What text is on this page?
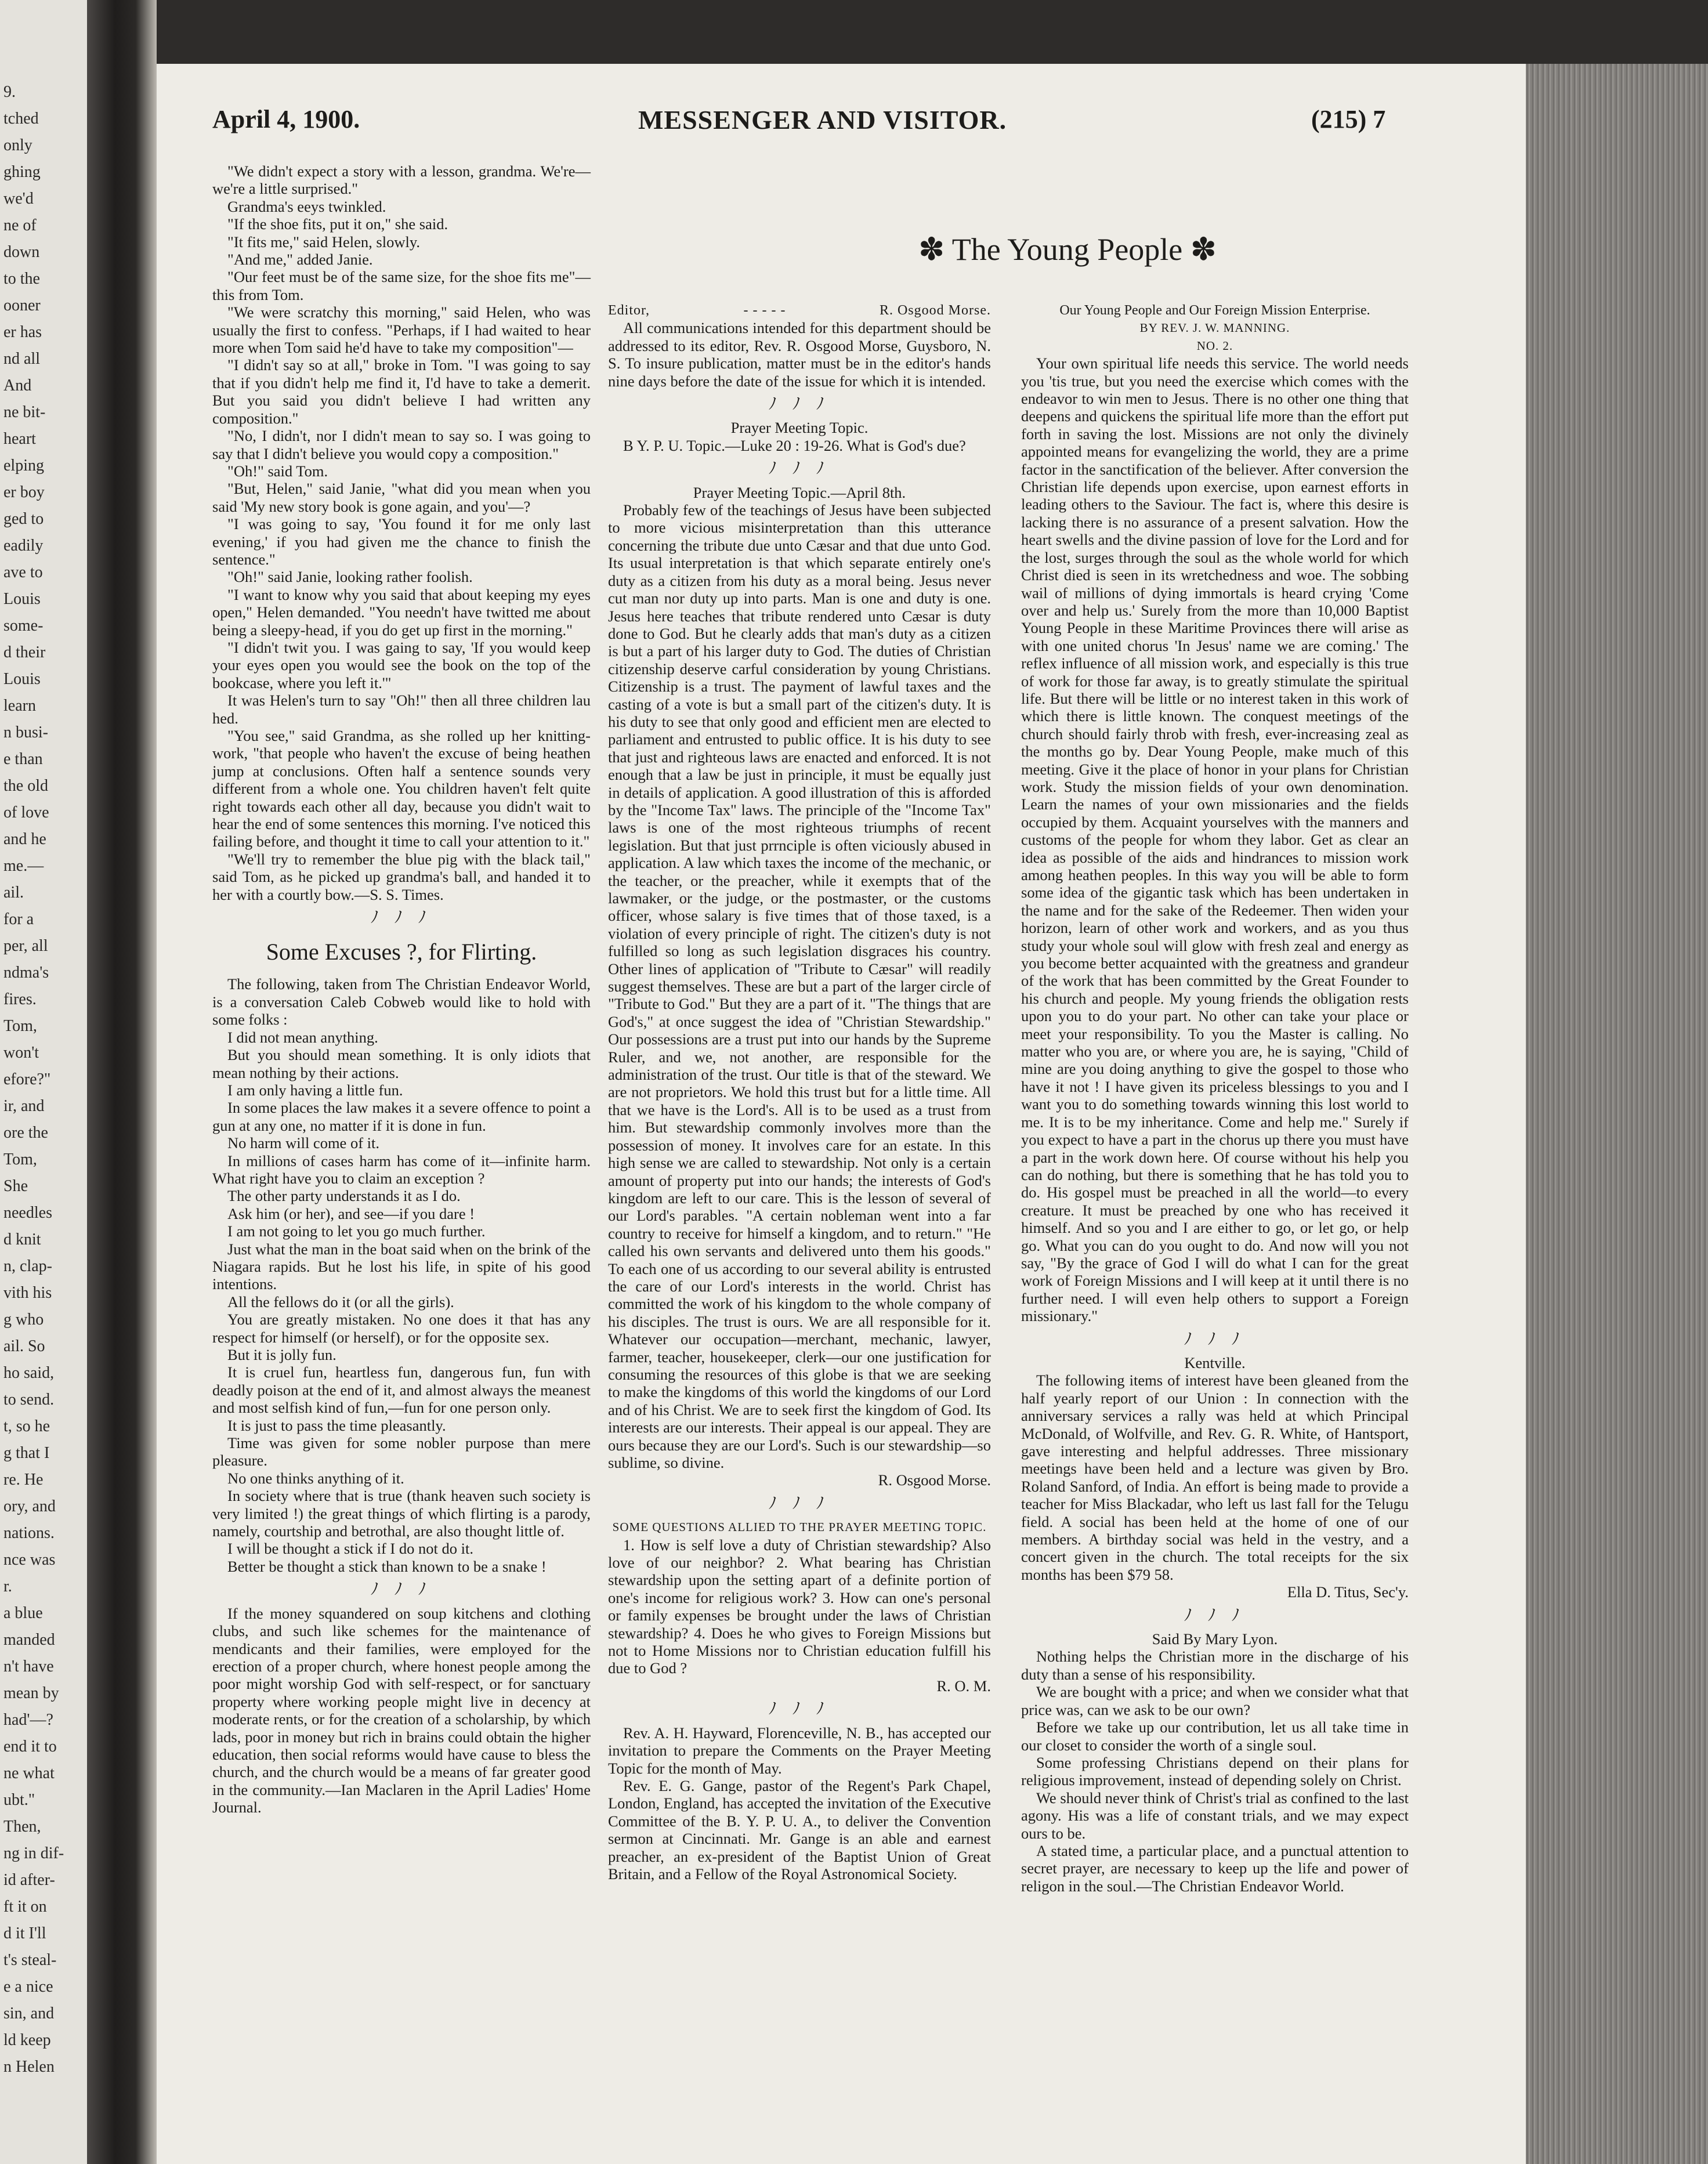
9.
tched
only
ghing
we'd
ne of
down
to the
ooner
er has
nd all
And
ne bit-
heart
elping
er boy
ged to
eadily
ave to
Louis
some-
d their
Louis
learn
n busi-
e than
the old
of love
and he
me.—
ail.
for a
per, all
ndma's
fires.
Tom,
won't
efore?"
ir, and
ore the
Tom,
She
needles
d knit
n, clap-
vith his
g who
ail. So
ho said,
to send.
t, so he
g that I
re. He
ory, and
nations.
nce was
r.
a blue
manded
n't have
mean by
had'—?
end it to
ne what
ubt."
Then,
ng in dif-
id after-
ft it on
d it I'll
t's steal-
e a nice
sin, and
ld keep
n Helen
April 4, 1900.	MESSENGER AND VISITOR.	(215) 7

"We didn't expect a story with a lesson, grandma. We're—we're a little surprised."

Grandma's eeys twinkled.

"If the shoe fits, put it on," she said.

"It fits me," said Helen, slowly.

"And me," added Janie.

"Our feet must be of the same size, for the shoe fits me"—this from Tom.

"We were scratchy this morning," said Helen, who was usually the first to confess. "Perhaps, if I had waited to hear more when Tom said he'd have to take my composition"—

"I didn't say so at all," broke in Tom. "I was going to say that if you didn't help me find it, I'd have to take a demerit. But you said you didn't believe I had written any composition."

"No, I didn't, nor I didn't mean to say so. I was going to say that I didn't believe you would copy a composition."

"Oh!" said Tom.

"But, Helen," said Janie, "what did you mean when you said 'My new story book is gone again, and you'—?

"I was going to say, 'You found it for me only last evening,' if you had given me the chance to finish the sentence."

"Oh!" said Janie, looking rather foolish.

"I want to know why you said that about keeping my eyes open," Helen demanded. "You needn't have twitted me about being a sleepy-head, if you do get up first in the morning."

"I didn't twit you. I was gaing to say, 'If you would keep your eyes open you would see the book on the top of the bookcase, where you left it.'"

It was Helen's turn to say "Oh!" then all three children lau hed.

"You see," said Grandma, as she rolled up her knitting-work, "that people who haven't the excuse of being heathen jump at conclusions. Often half a sentence sounds very different from a whole one. You children haven't felt quite right towards each other all day, because you didn't wait to hear the end of some sentences this morning. I've noticed this failing before, and thought it time to call your attention to it."

"We'll try to remember the blue pig with the black tail," said Tom, as he picked up grandma's ball, and handed it to her with a courtly bow.—S. S. Times.

ﾉ ﾉ ﾉ

Some Excuses ?, for Flirting.

The following, taken from The Christian Endeavor World, is a conversation Caleb Cobweb would like to hold with some folks :

I did not mean anything.

But you should mean something. It is only idiots that mean nothing by their actions.

I am only having a little fun.

In some places the law makes it a severe offence to point a gun at any one, no matter if it is done in fun.

No harm will come of it.

In millions of cases harm has come of it—infinite harm. What right have you to claim an exception ?

The other party understands it as I do.

Ask him (or her), and see—if you dare !

I am not going to let you go much further.

Just what the man in the boat said when on the brink of the Niagara rapids. But he lost his life, in spite of his good intentions.

All the fellows do it (or all the girls).

You are greatly mistaken. No one does it that has any respect for himself (or herself), or for the opposite sex.

But it is jolly fun.

It is cruel fun, heartless fun, dangerous fun, fun with deadly poison at the end of it, and almost always the meanest and most selfish kind of fun,—fun for one person only.

It is just to pass the time pleasantly.

Time was given for some nobler purpose than mere pleasure.

No one thinks anything of it.

In society where that is true (thank heaven such society is very limited !) the great things of which flirting is a parody, namely, courtship and betrothal, are also thought little of.

I will be thought a stick if I do not do it.

Better be thought a stick than known to be a snake !

ﾉ ﾉ ﾉ

If the money squandered on soup kitchens and clothing clubs, and such like schemes for the maintenance of mendicants and their families, were employed for the erection of a proper church, where honest people among the poor might worship God with self-respect, or for sanctuary property where working people might live in decency at moderate rents, or for the creation of a scholarship, by which lads, poor in money but rich in brains could obtain the higher education, then social reforms would have cause to bless the church, and the church would be a means of far greater good in the community.—Ian Maclaren in the April Ladies' Home Journal.

✽ The Young People ✽

Editor,	- - - - -	R. Osgood Morse.

All communications intended for this department should be addressed to its editor, Rev. R. Osgood Morse, Guysboro, N. S. To insure publication, matter must be in the editor's hands nine days before the date of the issue for which it is intended.

ﾉ ﾉ ﾉ

Prayer Meeting Topic.

B Y. P. U. Topic.—Luke 20 : 19-26. What is God's due?

ﾉ ﾉ ﾉ

Prayer Meeting Topic.—April 8th.

Probably few of the teachings of Jesus have been subjected to more vicious misinterpretation than this utterance concerning the tribute due unto Cæsar and that due unto God. Its usual interpretation is that which separate entirely one's duty as a citizen from his duty as a moral being. Jesus never cut man nor duty up into parts. Man is one and duty is one. Jesus here teaches that tribute rendered unto Cæsar is duty done to God. But he clearly adds that man's duty as a citizen is but a part of his larger duty to God. The duties of Christian citizenship deserve carful consideration by young Christians. Citizenship is a trust. The payment of lawful taxes and the casting of a vote is but a small part of the citizen's duty. It is his duty to see that only good and efficient men are elected to parliament and entrusted to public office. It is his duty to see that just and righteous laws are enacted and enforced. It is not enough that a law be just in principle, it must be equally just in details of application. A good illustration of this is afforded by the "Income Tax" laws. The principle of the "Income Tax" laws is one of the most righteous triumphs of recent legislation. But that just prrnciple is often viciously abused in application. A law which taxes the income of the mechanic, or the teacher, or the preacher, while it exempts that of the lawmaker, or the judge, or the postmaster, or the customs officer, whose salary is five times that of those taxed, is a violation of every principle of right. The citizen's duty is not fulfilled so long as such legislation disgraces his country. Other lines of application of "Tribute to Cæsar" will readily suggest themselves. These are but a part of the larger circle of "Tribute to God." But they are a part of it. "The things that are God's," at once suggest the idea of "Christian Stewardship." Our possessions are a trust put into our hands by the Supreme Ruler, and we, not another, are responsible for the administration of the trust. Our title is that of the steward. We are not proprietors. We hold this trust but for a little time. All that we have is the Lord's. All is to be used as a trust from him. But stewardship commonly involves more than the possession of money. It involves care for an estate. In this high sense we are called to stewardship. Not only is a certain amount of property put into our hands; the interests of God's kingdom are left to our care. This is the lesson of several of our Lord's parables. "A certain nobleman went into a far country to receive for himself a kingdom, and to return." "He called his own servants and delivered unto them his goods." To each one of us according to our several ability is entrusted the care of our Lord's interests in the world. Christ has committed the work of his kingdom to the whole company of his disciples. The trust is ours. We are all responsible for it. Whatever our occupation—merchant, mechanic, lawyer, farmer, teacher, housekeeper, clerk—our one justification for consuming the resources of this globe is that we are seeking to make the kingdoms of this world the kingdoms of our Lord and of his Christ. We are to seek first the kingdom of God. Its interests are our interests. Their appeal is our appeal. They are ours because they are our Lord's. Such is our stewardship—so sublime, so divine.

R. Osgood Morse.

ﾉ ﾉ ﾉ

SOME QUESTIONS ALLIED TO THE PRAYER MEETING TOPIC.

1. How is self love a duty of Christian stewardship? Also love of our neighbor? 2. What bearing has Christian stewardship upon the setting apart of a definite portion of one's income for religious work? 3. How can one's personal or family expenses be brought under the laws of Christian stewardship? 4. Does he who gives to Foreign Missions but not to Home Missions nor to Christian education fulfill his due to God ?

R. O. M.

ﾉ ﾉ ﾉ

Rev. A. H. Hayward, Florenceville, N. B., has accepted our invitation to prepare the Comments on the Prayer Meeting Topic for the month of May.

Rev. E. G. Gange, pastor of the Regent's Park Chapel, London, England, has accepted the invitation of the Executive Committee of the B. Y. P. U. A., to deliver the Convention sermon at Cincinnati. Mr. Gange is an able and earnest preacher, an ex-president of the Baptist Union of Great Britain, and a Fellow of the Royal Astronomical Society.

Our Young People and Our Foreign Mission Enterprise.

BY REV. J. W. MANNING.

NO. 2.

Your own spiritual life needs this service. The world needs you 'tis true, but you need the exercise which comes with the endeavor to win men to Jesus. There is no other one thing that deepens and quickens the spiritual life more than the effort put forth in saving the lost. Missions are not only the divinely appointed means for evangelizing the world, they are a prime factor in the sanctification of the believer. After conversion the Christian life depends upon exercise, upon earnest efforts in leading others to the Saviour. The fact is, where this desire is lacking there is no assurance of a present salvation. How the heart swells and the divine passion of love for the Lord and for the lost, surges through the soul as the whole world for which Christ died is seen in its wretchedness and woe. The sobbing wail of millions of dying immortals is heard crying 'Come over and help us.' Surely from the more than 10,000 Baptist Young People in these Maritime Provinces there will arise as with one united chorus 'In Jesus' name we are coming.' The reflex influence of all mission work, and especially is this true of work for those far away, is to greatly stimulate the spiritual life. But there will be little or no interest taken in this work of which there is little known. The conquest meetings of the church should fairly throb with fresh, ever-increasing zeal as the months go by. Dear Young People, make much of this meeting. Give it the place of honor in your plans for Christian work. Study the mission fields of your own denomination. Learn the names of your own missionaries and the fields occupied by them. Acquaint yourselves with the manners and customs of the people for whom they labor. Get as clear an idea as possible of the aids and hindrances to mission work among heathen peoples. In this way you will be able to form some idea of the gigantic task which has been undertaken in the name and for the sake of the Redeemer. Then widen your horizon, learn of other work and workers, and as you thus study your whole soul will glow with fresh zeal and energy as you become better acquainted with the greatness and grandeur of the work that has been committed by the Great Founder to his church and people. My young friends the obligation rests upon you to do your part. No other can take your place or meet your responsibility. To you the Master is calling. No matter who you are, or where you are, he is saying, "Child of mine are you doing anything to give the gospel to those who have it not ! I have given its priceless blessings to you and I want you to do something towards winning this lost world to me. It is to be my inheritance. Come and help me." Surely if you expect to have a part in the chorus up there you must have a part in the work down here. Of course without his help you can do nothing, but there is something that he has told you to do. His gospel must be preached in all the world—to every creature. It must be preached by one who has received it himself. And so you and I are either to go, or let go, or help go. What you can do you ought to do. And now will you not say, "By the grace of God I will do what I can for the great work of Foreign Missions and I will keep at it until there is no further need. I will even help others to support a Foreign missionary."

ﾉ ﾉ ﾉ

Kentville.

The following items of interest have been gleaned from the half yearly report of our Union : In connection with the anniversary services a rally was held at which Principal McDonald, of Wolfville, and Rev. G. R. White, of Hantsport, gave interesting and helpful addresses. Three missionary meetings have been held and a lecture was given by Bro. Roland Sanford, of India. An effort is being made to provide a teacher for Miss Blackadar, who left us last fall for the Telugu field. A social has been held at the home of one of our members. A birthday social was held in the vestry, and a concert given in the church. The total receipts for the six months has been $79 58.

Ella D. Titus, Sec'y.

ﾉ ﾉ ﾉ

Said By Mary Lyon.

Nothing helps the Christian more in the discharge of his duty than a sense of his responsibility.

We are bought with a price; and when we consider what that price was, can we ask to be our own?

Before we take up our contribution, let us all take time in our closet to consider the worth of a single soul.

Some professing Christians depend on their plans for religious improvement, instead of depending solely on Christ.

We should never think of Christ's trial as confined to the last agony. His was a life of constant trials, and we may expect ours to be.

A stated time, a particular place, and a punctual attention to secret prayer, are necessary to keep up the life and power of religon in the soul.—The Christian Endeavor World.
